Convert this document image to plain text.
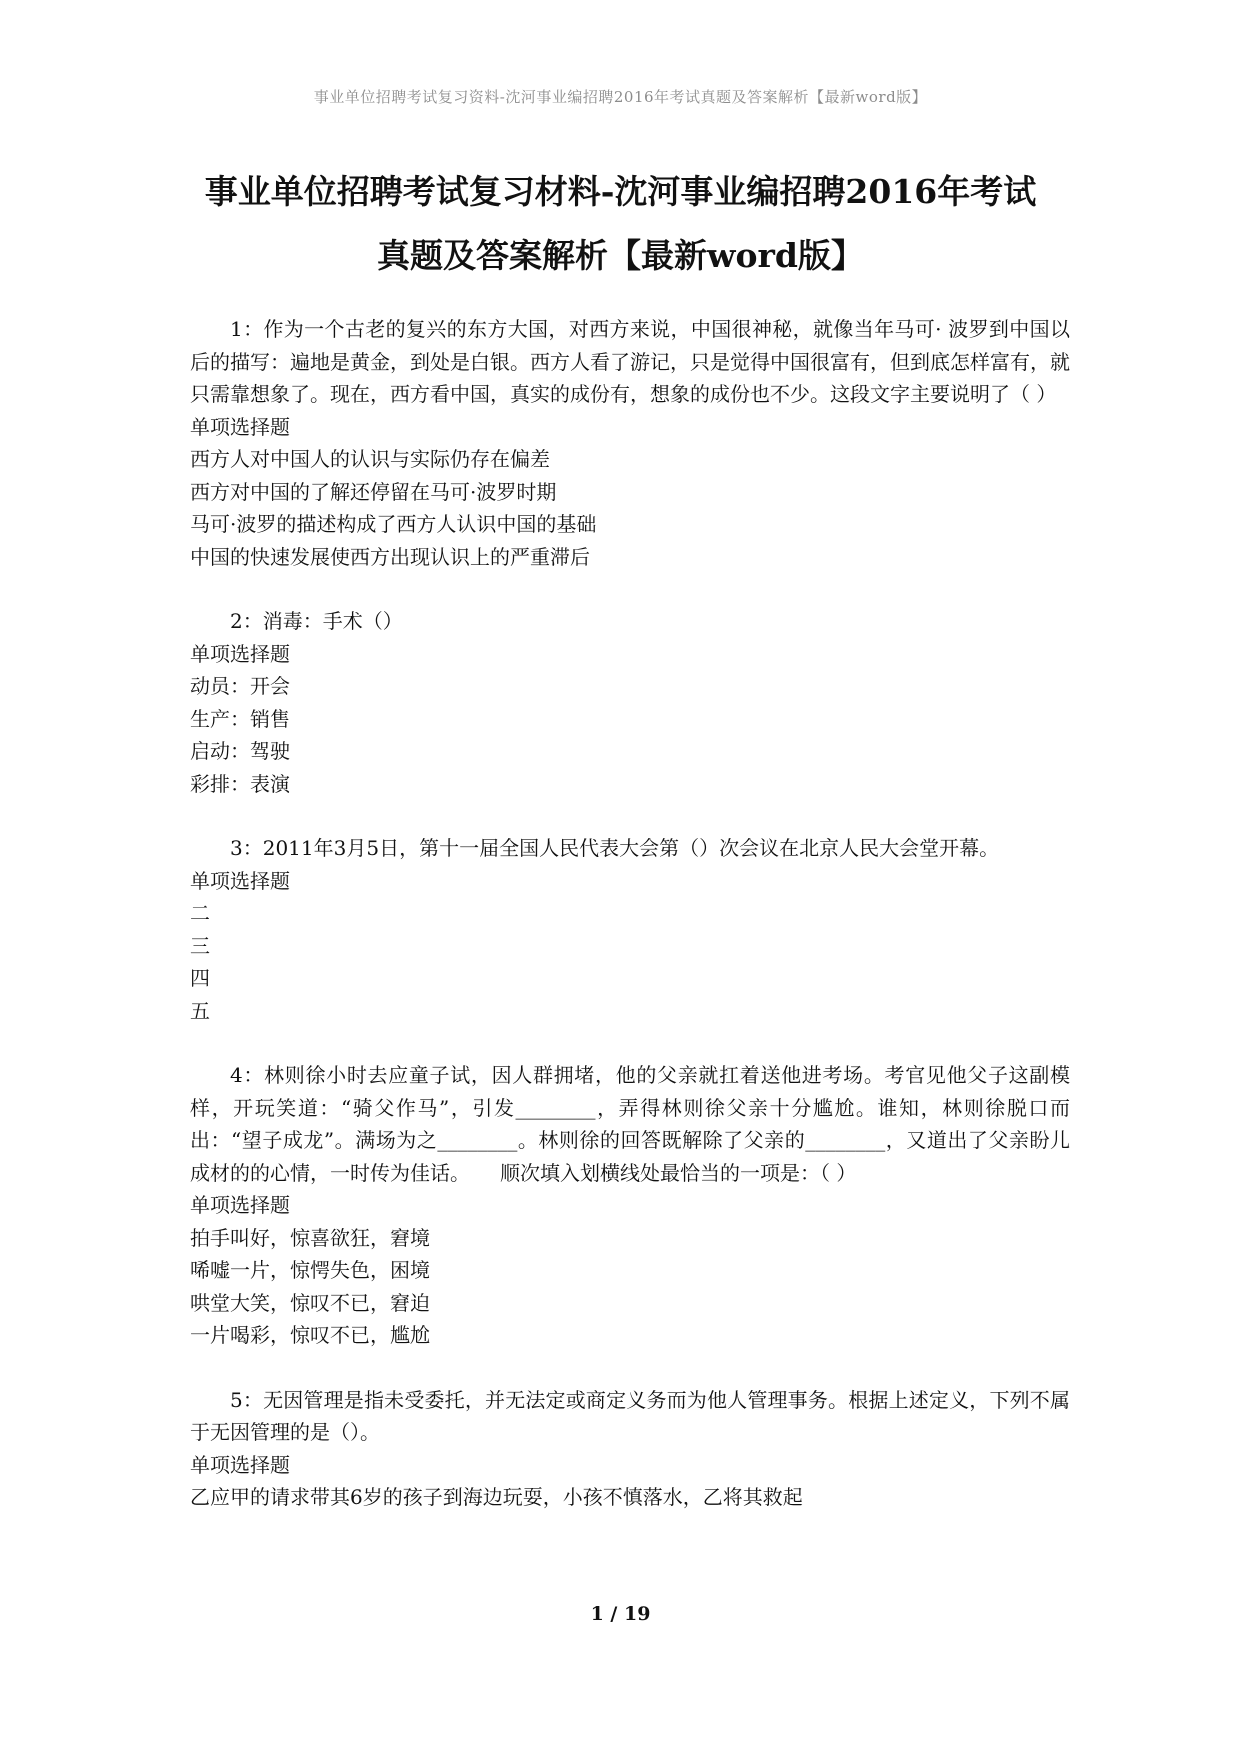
事业单位招聘考试复习资料-沈河事业编招聘2016年考试真题及答案解析【最新word版】
事业单位招聘考试复习材料-沈河事业编招聘2016年考试
真题及答案解析【最新word版】
1：作为一个古老的复兴的东方大国，对西方来说，中国很神秘，就像当年马可· 波罗到中国以后的描写：遍地是黄金，到处是白银。西方人看了游记，只是觉得中国很富有，但到底怎样富有，就只需靠想象了。现在，西方看中国，真实的成份有，想象的成份也不少。这段文字主要说明了（ ）
单项选择题
西方人对中国人的认识与实际仍存在偏差
西方对中国的了解还停留在马可·波罗时期
马可·波罗的描述构成了西方人认识中国的基础
中国的快速发展使西方出现认识上的严重滞后
2：消毒：手术（）
单项选择题
动员：开会
生产：销售
启动：驾驶
彩排：表演
3：2011年3月5日，第十一届全国人民代表大会第（）次会议在北京人民大会堂开幕。
单项选择题
二
三
四
五
4：林则徐小时去应童子试，因人群拥堵，他的父亲就扛着送他进考场。考官见他父子这副模样，开玩笑道：“骑父作马”，引发________，弄得林则徐父亲十分尴尬。谁知，林则徐脱口而出：“望子成龙”。满场为之________。林则徐的回答既解除了父亲的________，又道出了父亲盼儿成材的的心情，一时传为佳话。　　顺次填入划横线处最恰当的一项是：（ ）
单项选择题
拍手叫好，惊喜欲狂，窘境
唏嘘一片，惊愕失色，困境
哄堂大笑，惊叹不已，窘迫
一片喝彩，惊叹不已，尴尬
5：无因管理是指未受委托，并无法定或商定义务而为他人管理事务。根据上述定义，下列不属于无因管理的是（）。
单项选择题
乙应甲的请求带其6岁的孩子到海边玩耍，小孩不慎落水，乙将其救起
1 / 19
